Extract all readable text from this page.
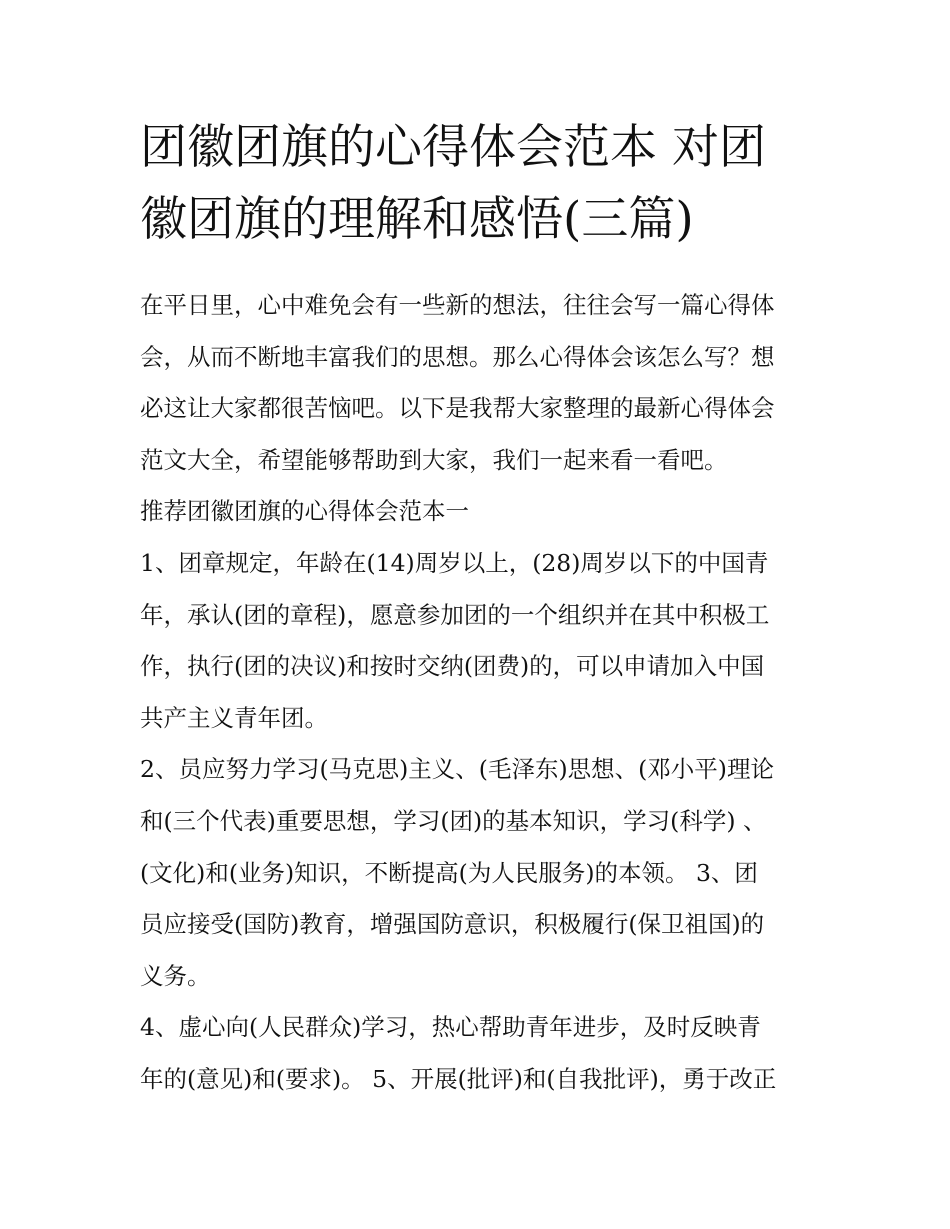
团徽团旗的心得体会范本 对团
徽团旗的理解和感悟(三篇)
在平日里，心中难免会有一些新的想法，往往会写一篇心得体
会，从而不断地丰富我们的思想。那么心得体会该怎么写？想
必这让大家都很苦恼吧。以下是我帮大家整理的最新心得体会
范文大全，希望能够帮助到大家，我们一起来看一看吧。
推荐团徽团旗的心得体会范本一
1、团章规定，年龄在(14)周岁以上，(28)周岁以下的中国青
年，承认(团的章程)，愿意参加团的一个组织并在其中积极工
作，执行(团的决议)和按时交纳(团费)的，可以申请加入中国
共产主义青年团。
2、员应努力学习(马克思)主义、(毛泽东)思想、(邓小平)理论
和(三个代表)重要思想，学习(团)的基本知识，学习(科学) 、
(文化)和(业务)知识，不断提高(为人民服务)的本领。 3、团
员应接受(国防)教育，增强国防意识，积极履行(保卫祖国)的
义务。
4、虚心向(人民群众)学习，热心帮助青年进步，及时反映青
年的(意见)和(要求)。 5、开展(批评)和(自我批评)，勇于改正
